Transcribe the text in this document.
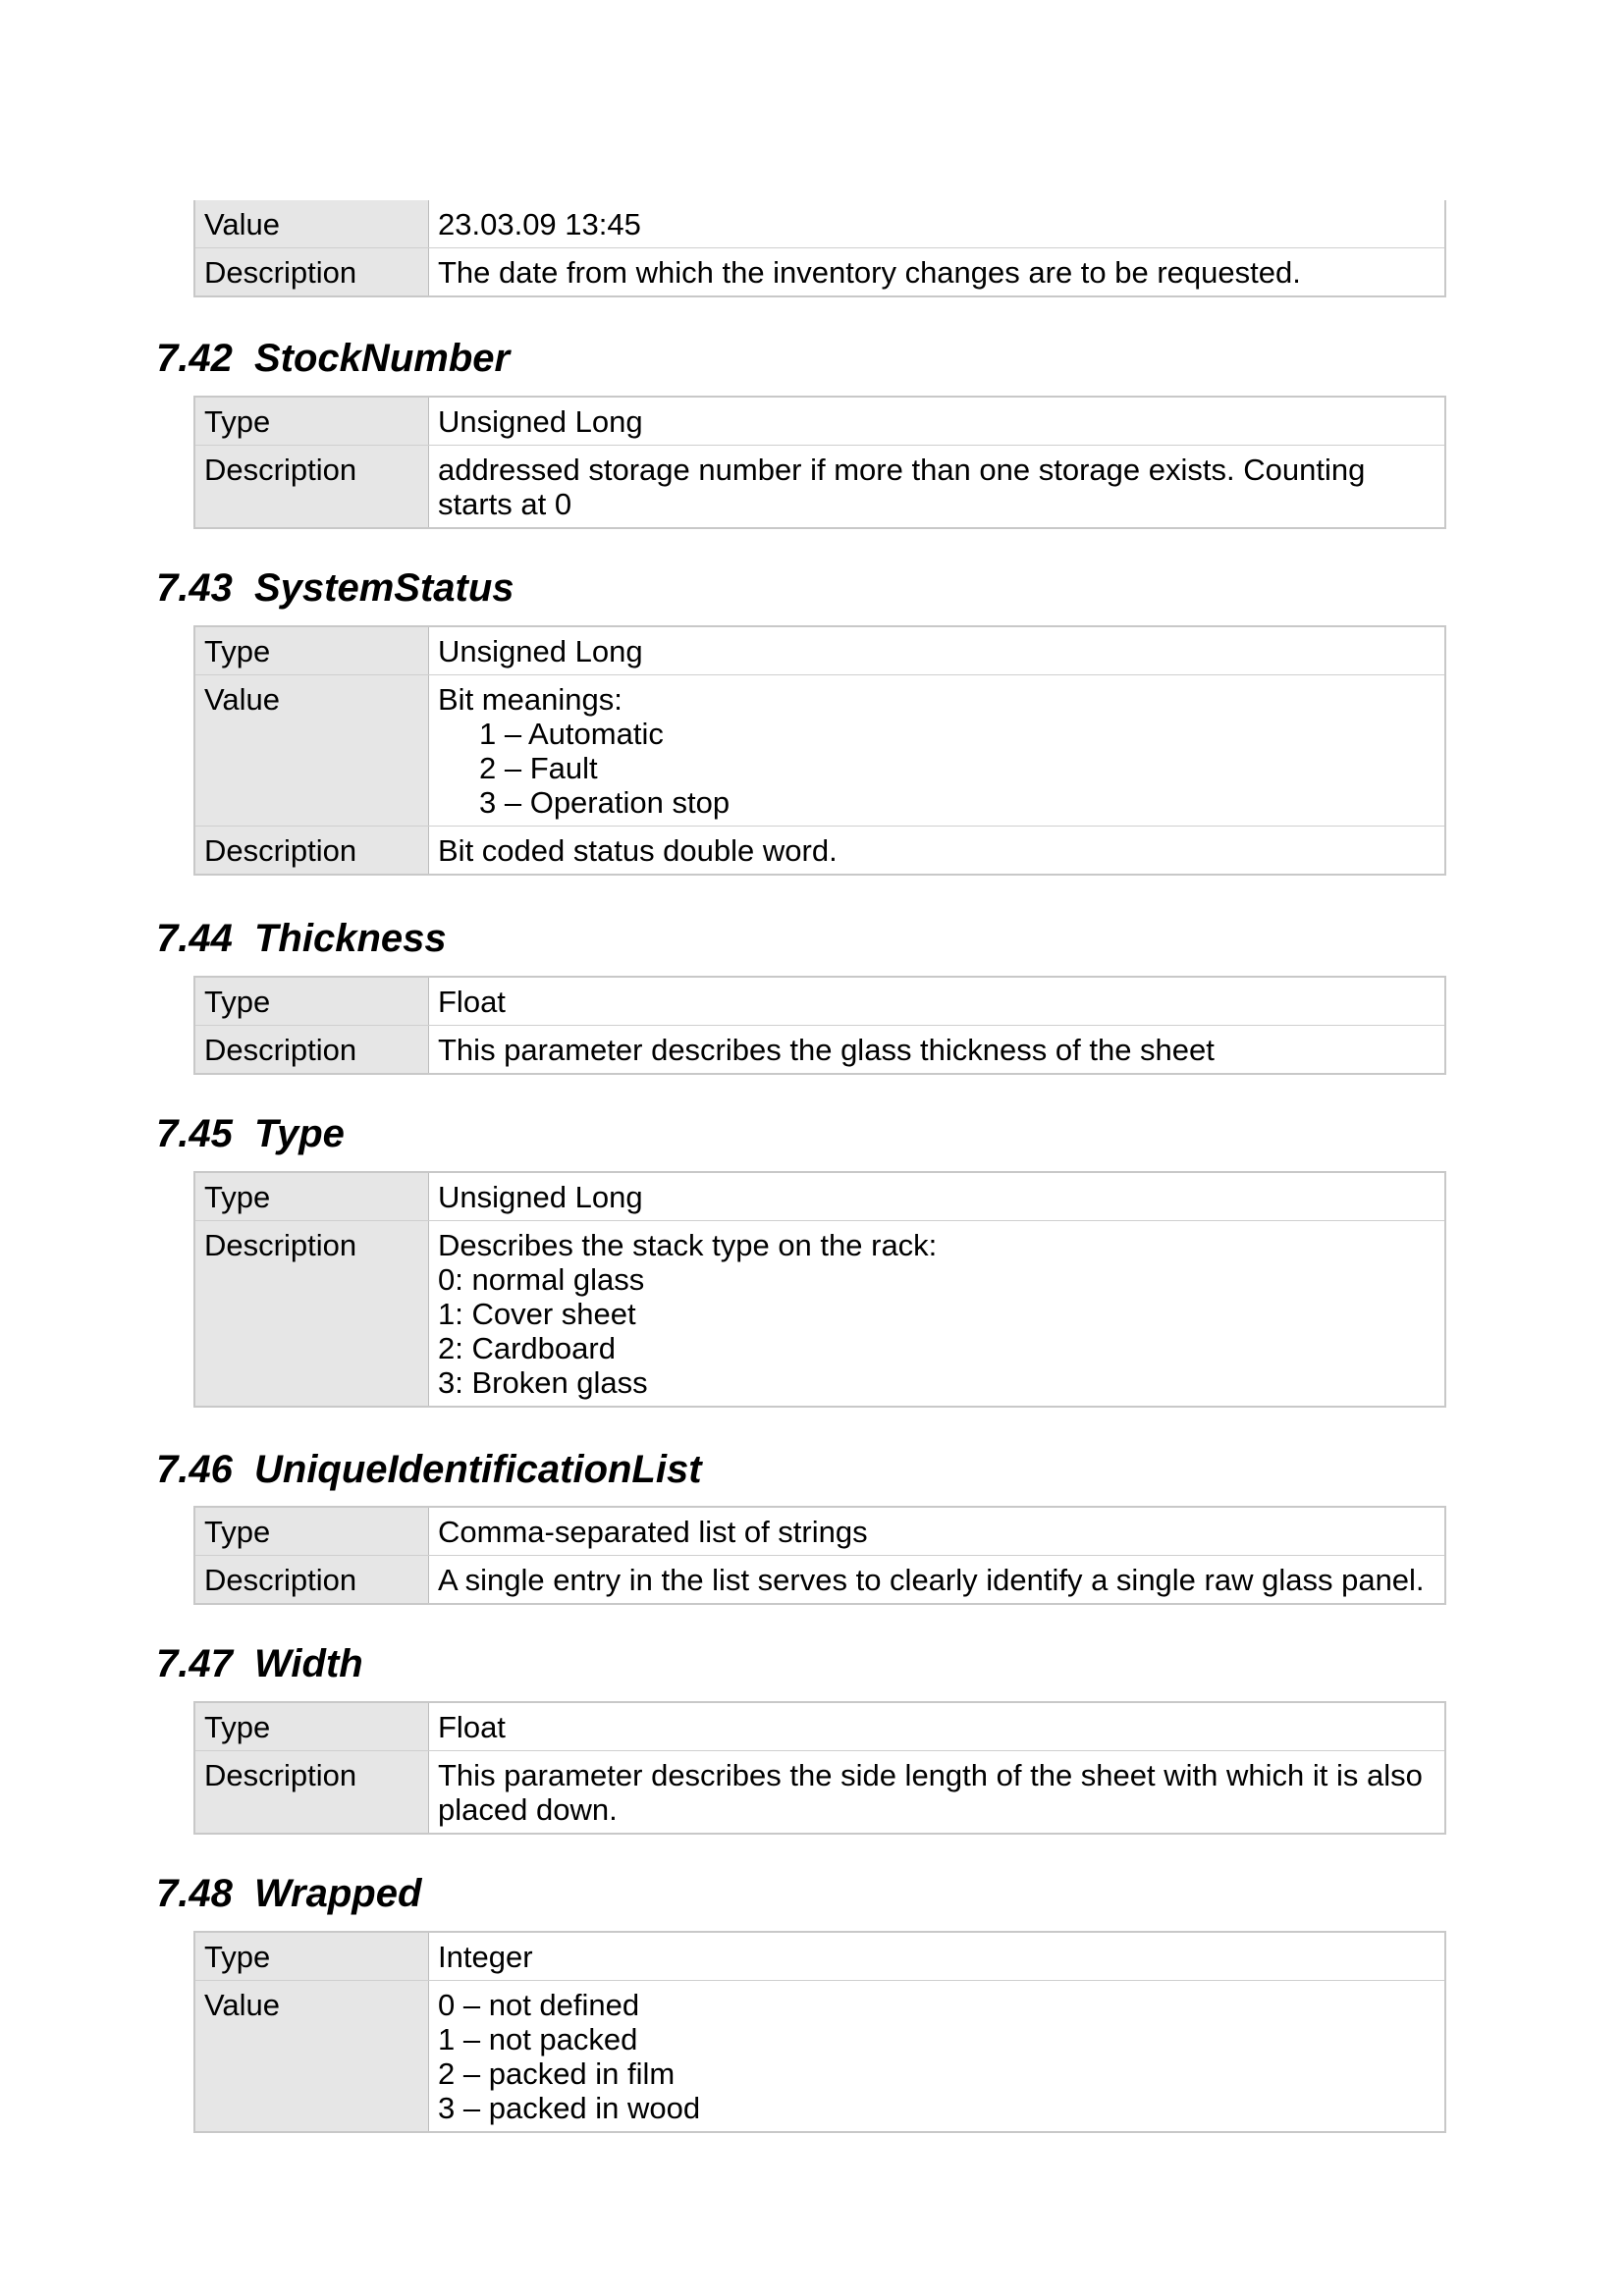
Value	23.03.09 13:45
Description	The date from which the inventory changes are to be requested.
7.42 StockNumber
Type	Unsigned Long
Description	addressed storage number if more than one storage exists. Counting
starts at 0
7.43 SystemStatus
Type	Unsigned Long
Value	Bit meanings:
1 – Automatic
2 – Fault
3 – Operation stop
Description	Bit coded status double word.
7.44 Thickness
Type	Float
Description	This parameter describes the glass thickness of the sheet
7.45 Type
Type	Unsigned Long
Description	Describes the stack type on the rack:
0: normal glass
1: Cover sheet
2: Cardboard
3: Broken glass
7.46 UniqueIdentificationList
Type	Comma-separated list of strings
Description	A single entry in the list serves to clearly identify a single raw glass panel.
7.47 Width
Type	Float
Description	This parameter describes the side length of the sheet with which it is also
placed down.
7.48 Wrapped
Type	Integer
Value	0 – not defined
1 – not packed
2 – packed in film
3 – packed in wood
